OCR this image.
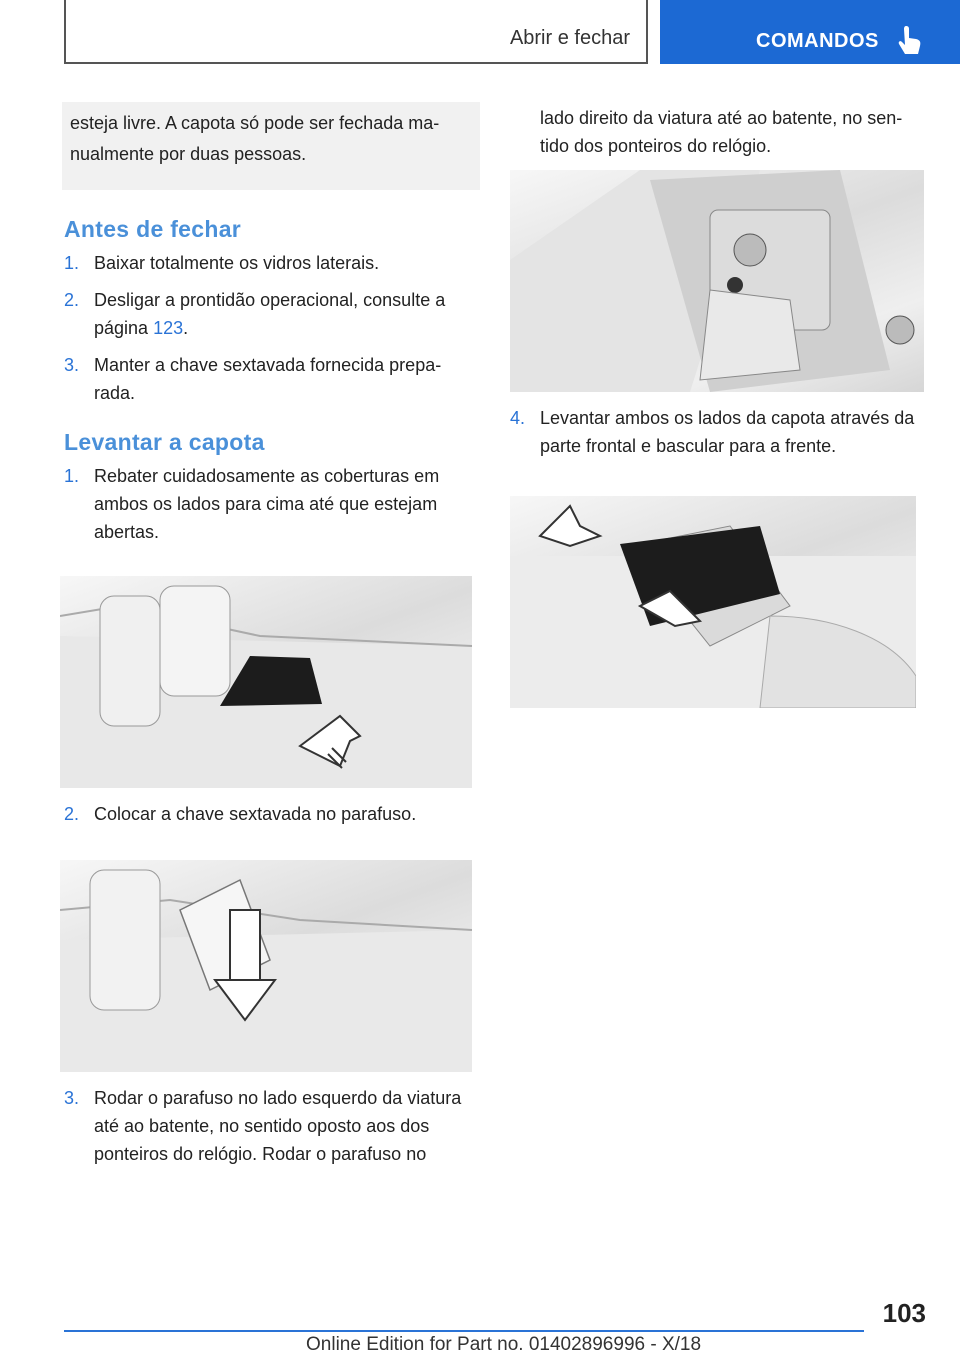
Abrir e fechar	COMANDOS
esteja livre. A capota só pode ser fechada ma‐ nualmente por duas pessoas.
Antes de fechar
1. Baixar totalmente os vidros laterais.
2. Desligar a prontidão operacional, consulte a página 123.
3. Manter a chave sextavada fornecida prepa‐ rada.
Levantar a capota
1. Rebater cuidadosamente as coberturas em ambos os lados para cima até que estejam abertas.
2. Colocar a chave sextavada no parafuso.
3. Rodar o parafuso no lado esquerdo da viatura até ao batente, no sentido oposto aos dos ponteiros do relógio. Rodar o parafuso no
lado direito da viatura até ao batente, no sen‐ tido dos ponteiros do relógio.
4. Levantar ambos os lados da capota através da parte frontal e bascular para a frente.
103
Online Edition for Part no. 01402896996 - X/18
